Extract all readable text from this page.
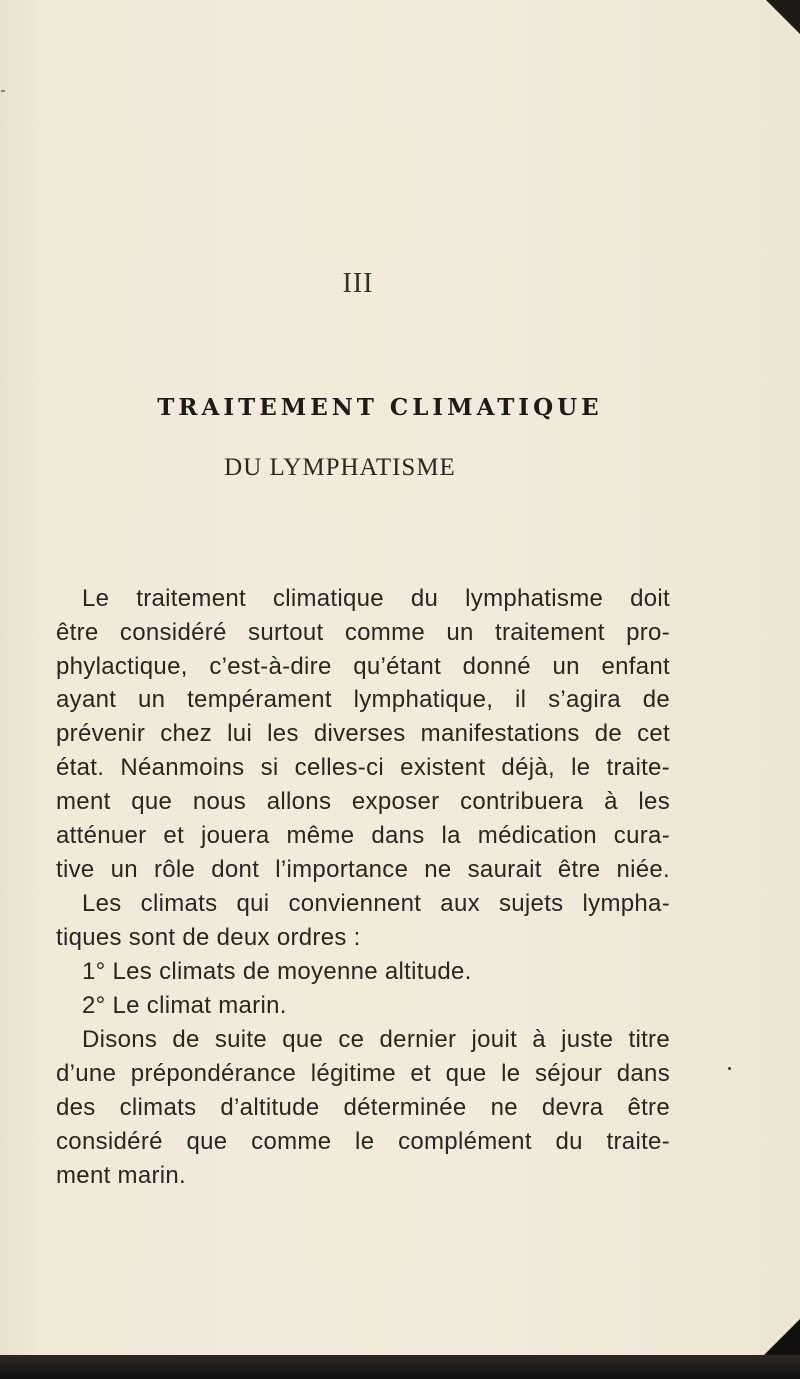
III
TRAITEMENT CLIMATIQUE
DU LYMPHATISME
Le traitement climatique du lymphatisme doit
être considéré surtout comme un traitement pro-
phylactique, c’est-à-dire qu’étant donné un enfant
ayant un tempérament lymphatique, il s’agira de
prévenir chez lui les diverses manifestations de cet
état. Néanmoins si celles-ci existent déjà, le traite-
ment que nous allons exposer contribuera à les
atténuer et jouera même dans la médication cura-
tive un rôle dont l’importance ne saurait être niée.
Les climats qui conviennent aux sujets lympha-
tiques sont de deux ordres :
1° Les climats de moyenne altitude.
2° Le climat marin.
Disons de suite que ce dernier jouit à juste titre
d’une prépondérance légitime et que le séjour dans
des climats d’altitude déterminée ne devra être
considéré que comme le complément du traite-
ment marin.
